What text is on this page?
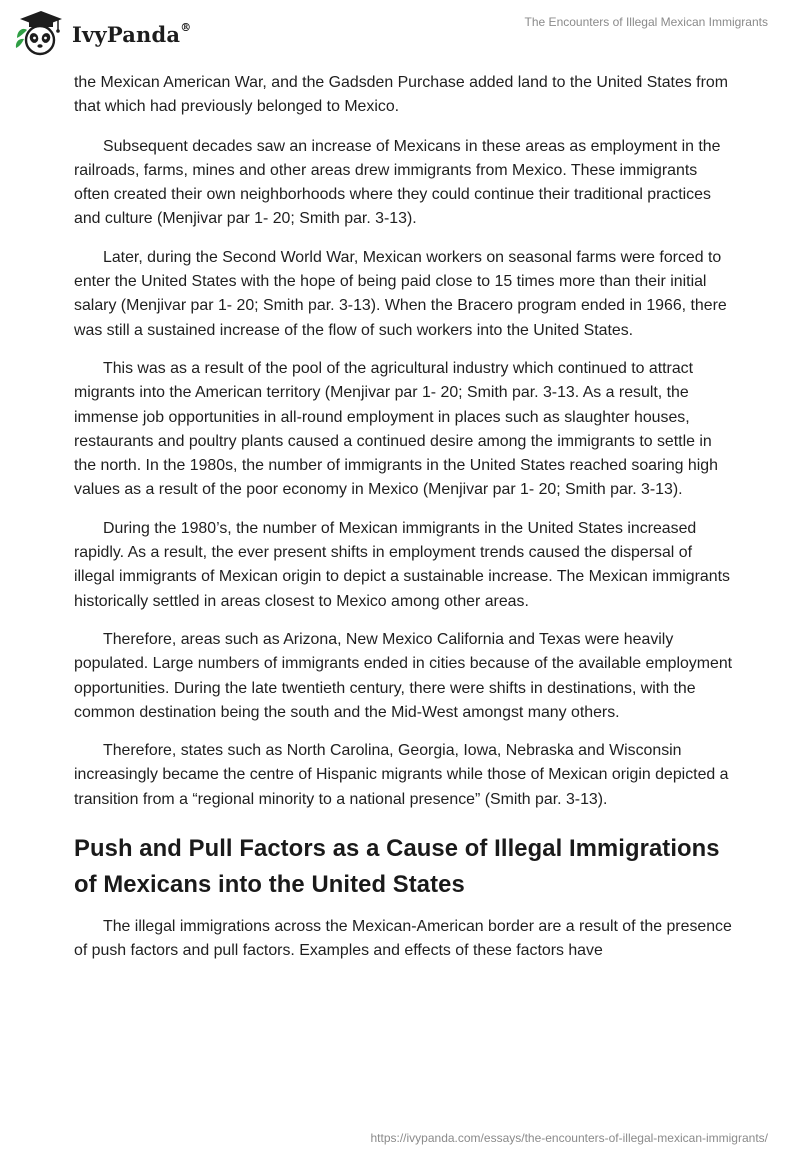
IvyPanda®	The Encounters of Illegal Mexican Immigrants

the Mexican American War, and the Gadsden Purchase added land to the United States from that which had previously belonged to Mexico.

Subsequent decades saw an increase of Mexicans in these areas as employment in the railroads, farms, mines and other areas drew immigrants from Mexico. These immigrants often created their own neighborhoods where they could continue their traditional practices and culture (Menjivar par 1- 20; Smith par. 3-13).

Later, during the Second World War, Mexican workers on seasonal farms were forced to enter the United States with the hope of being paid close to 15 times more than their initial salary (Menjivar par 1- 20; Smith par. 3-13). When the Bracero program ended in 1966, there was still a sustained increase of the flow of such workers into the United States.

This was as a result of the pool of the agricultural industry which continued to attract migrants into the American territory (Menjivar par 1- 20; Smith par. 3-13. As a result, the immense job opportunities in all-round employment in places such as slaughter houses, restaurants and poultry plants caused a continued desire among the immigrants to settle in the north. In the 1980s, the number of immigrants in the United States reached soaring high values as a result of the poor economy in Mexico (Menjivar par 1- 20; Smith par. 3-13).

During the 1980’s, the number of Mexican immigrants in the United States increased rapidly. As a result, the ever present shifts in employment trends caused the dispersal of illegal immigrants of Mexican origin to depict a sustainable increase. The Mexican immigrants historically settled in areas closest to Mexico among other areas.

Therefore, areas such as Arizona, New Mexico California and Texas were heavily populated. Large numbers of immigrants ended in cities because of the available employment opportunities. During the late twentieth century, there were shifts in destinations, with the common destination being the south and the Mid-West amongst many others.

Therefore, states such as North Carolina, Georgia, Iowa, Nebraska and Wisconsin increasingly became the centre of Hispanic migrants while those of Mexican origin depicted a transition from a “regional minority to a national presence” (Smith par. 3-13).

Push and Pull Factors as a Cause of Illegal Immigrations of Mexicans into the United States

The illegal immigrations across the Mexican-American border are a result of the presence of push factors and pull factors. Examples and effects of these factors have

https://ivypanda.com/essays/the-encounters-of-illegal-mexican-immigrants/
